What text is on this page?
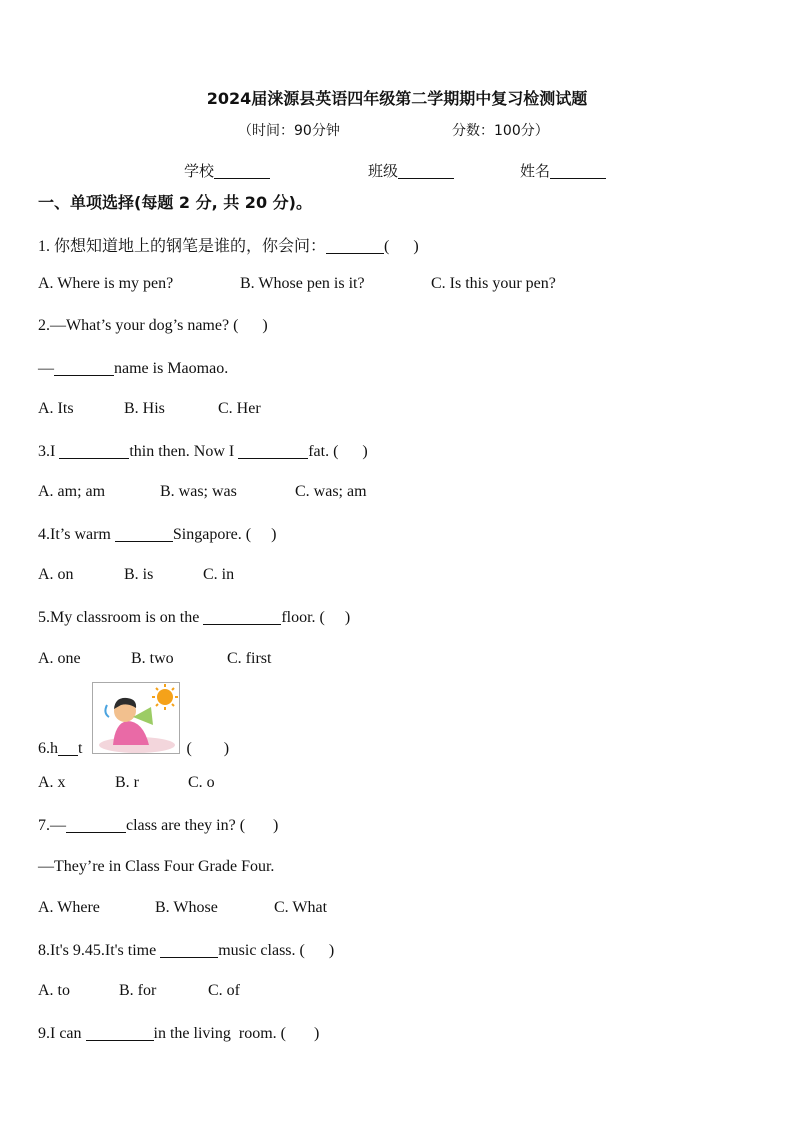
2024届涞源县英语四年级第二学期期中复习检测试题
（时间：90分钟	分数：100分）
学校	班级	姓名
一、单项选择(每题 2 分, 共 20 分)。
1. 你想知道地上的钢笔是谁的，你会问：	(      )
A. Where is my pen?	B. Whose pen is it?	C. Is this your pen?
2.—What’s your dog’s name? (      )
—	name is Maomao.
A. Its	B. His	C. Her
3.I	thin then. Now I	fat. (      )
A. am; am	B. was; was	C. was; am
4.It’s warm	Singapore. (     )
A. on	B. is	C. in
5.My classroom is on the	floor. (     )
A. one	B. two	C. first
6.h t	(        )
A. x	B. r	C. o
7.—	class are they in? (       )
—They’re in Class Four Grade Four.
A. Where	B. Whose	C. What
8.It's 9.45.It's time	music class. (      )
A. to	B. for	C. of
9.I can	in the living  room. (       )
